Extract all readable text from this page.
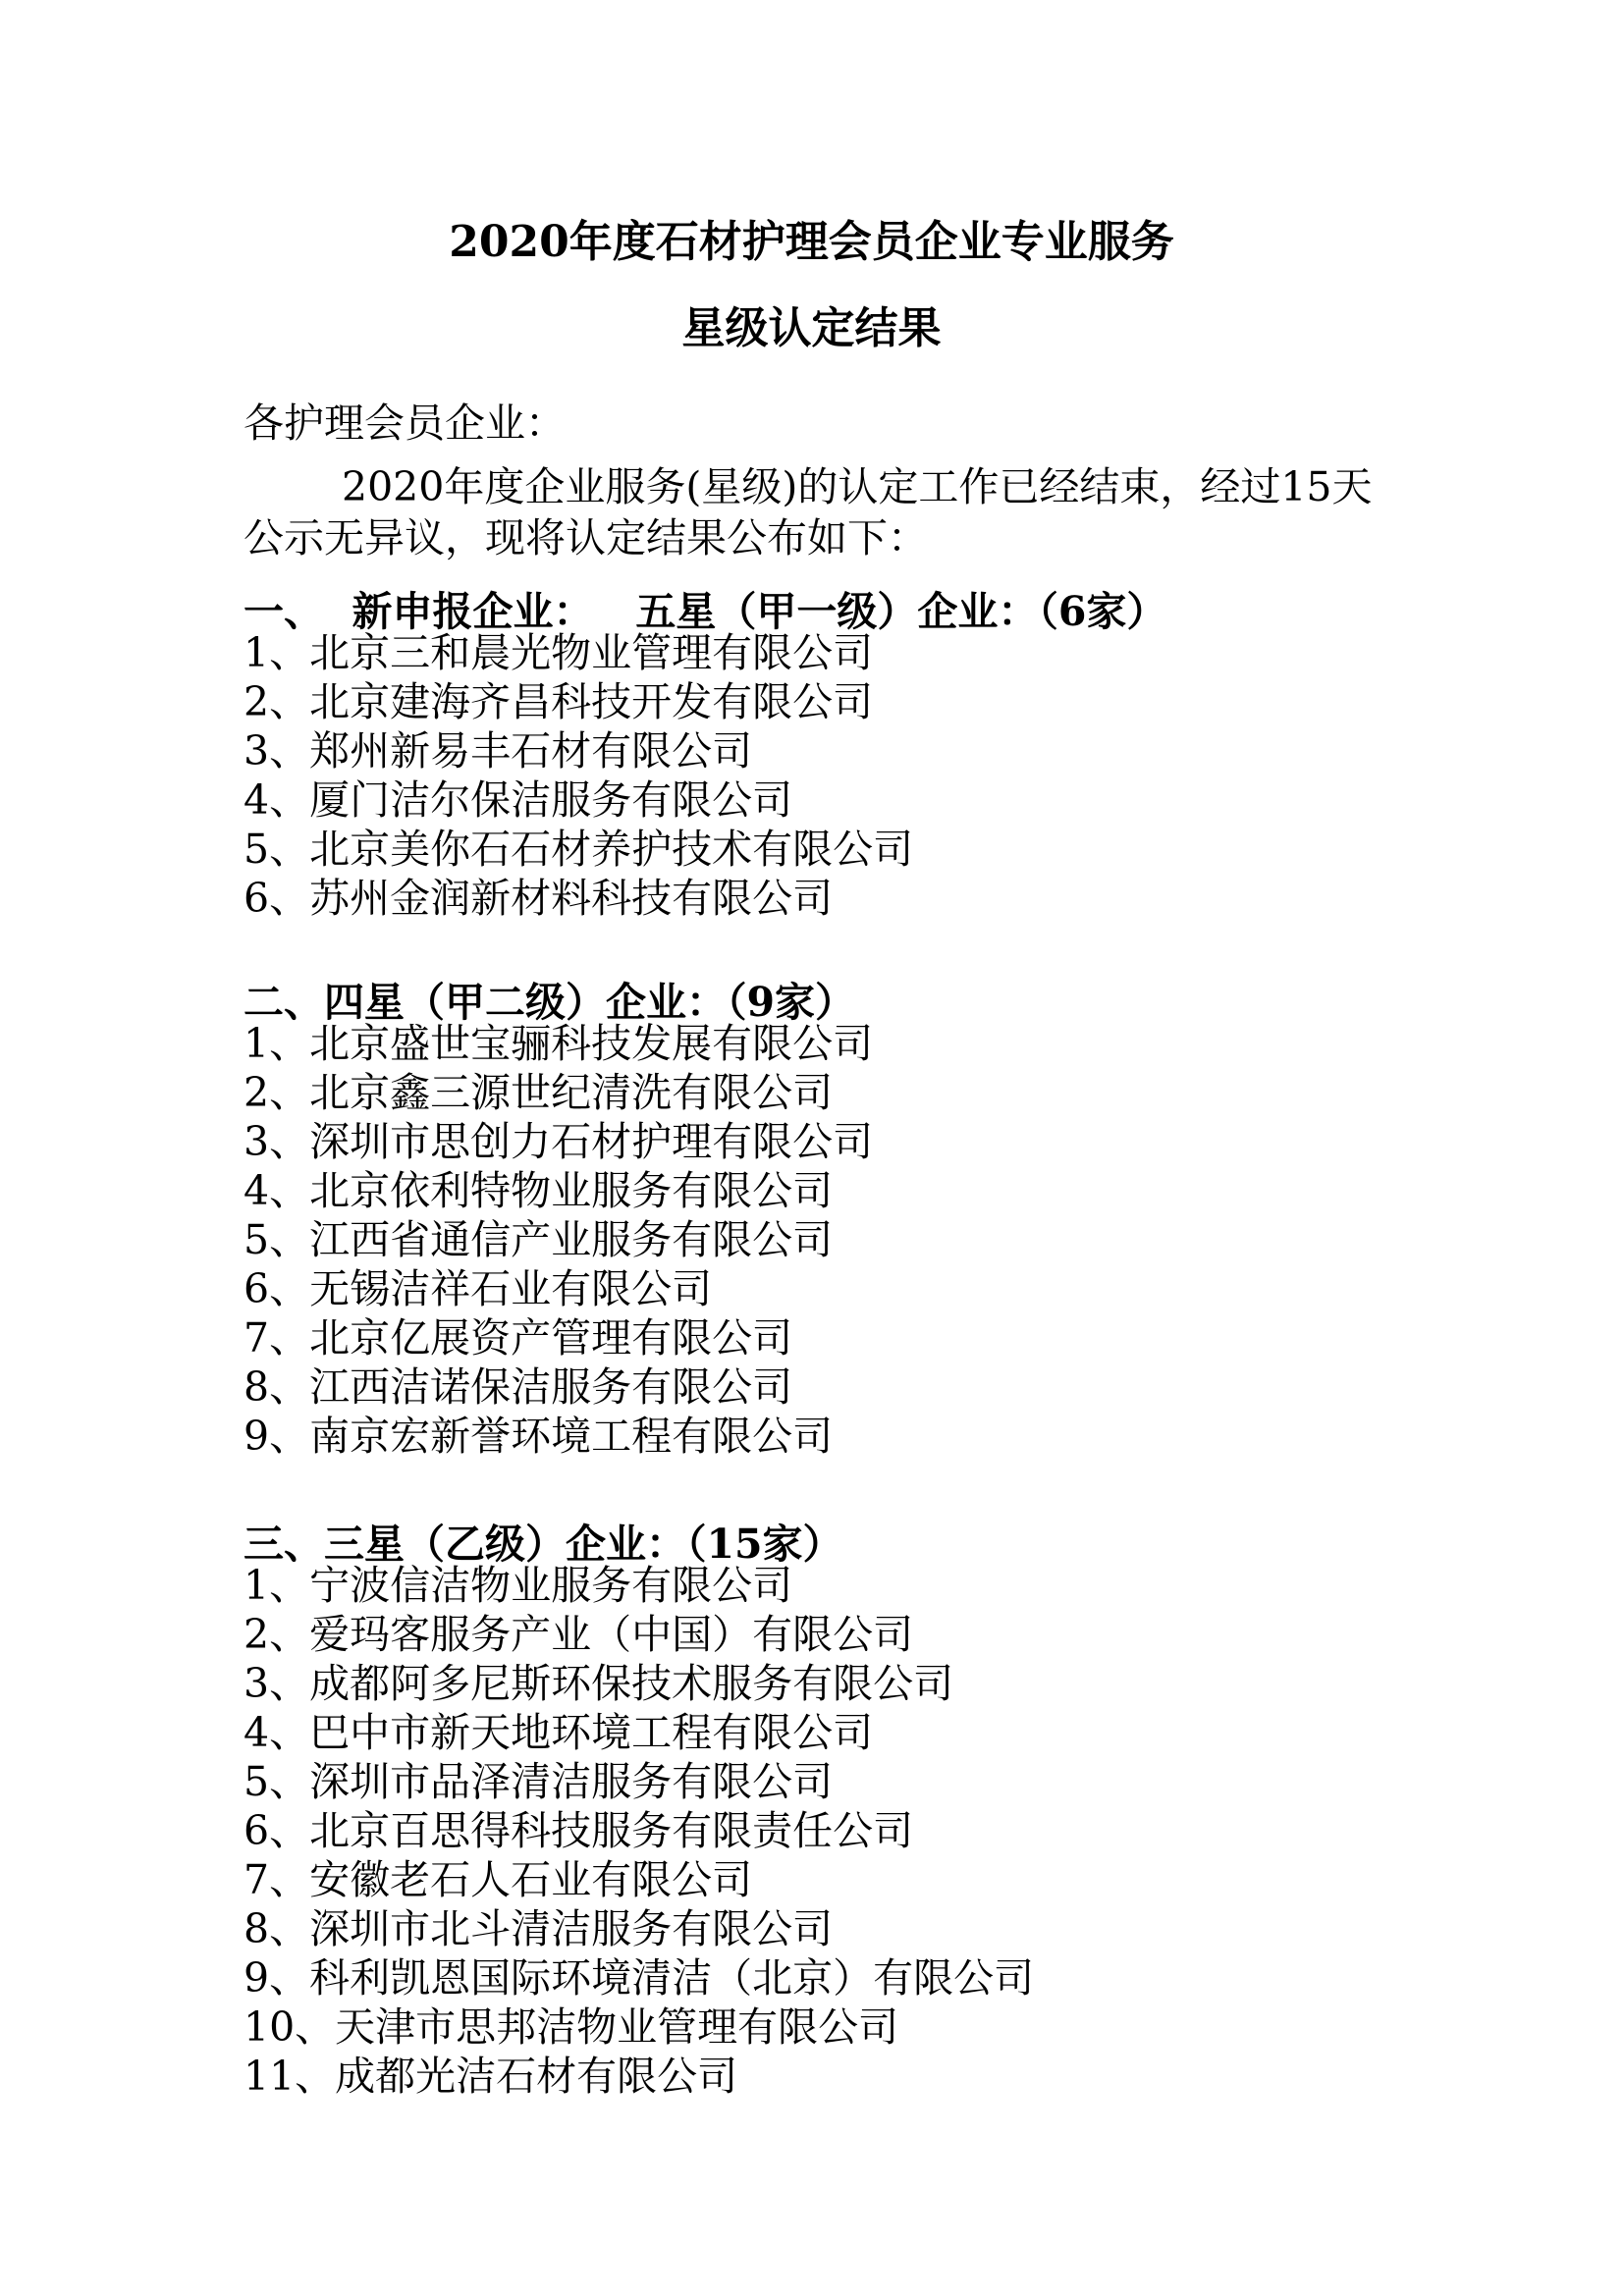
2020年度石材护理会员企业专业服务
星级认定结果
各护理会员企业：
2020年度企业服务(星级)的认定工作已经结束，经过15天公示无异议，现将认定结果公布如下：
一、  新申报企业：   五星（甲一级）企业：（6家）
1、北京三和晨光物业管理有限公司
2、北京建海齐昌科技开发有限公司
3、郑州新易丰石材有限公司
4、厦门洁尔保洁服务有限公司
5、北京美你石石材养护技术有限公司
6、苏州金润新材料科技有限公司
二、四星（甲二级）企业：（9家）
1、北京盛世宝骊科技发展有限公司
2、北京鑫三源世纪清洗有限公司
3、深圳市思创力石材护理有限公司
4、北京依利特物业服务有限公司
5、江西省通信产业服务有限公司
6、无锡洁祥石业有限公司
7、北京亿展资产管理有限公司
8、江西洁诺保洁服务有限公司
9、南京宏新誉环境工程有限公司
三、三星（乙级）企业：（15家）
1、宁波信洁物业服务有限公司
2、爱玛客服务产业（中国）有限公司
3、成都阿多尼斯环保技术服务有限公司
4、巴中市新天地环境工程有限公司
5、深圳市品泽清洁服务有限公司
6、北京百思得科技服务有限责任公司
7、安徽老石人石业有限公司
8、深圳市北斗清洁服务有限公司
9、科利凯恩国际环境清洁（北京）有限公司
10、天津市思邦洁物业管理有限公司
11、成都光洁石材有限公司
